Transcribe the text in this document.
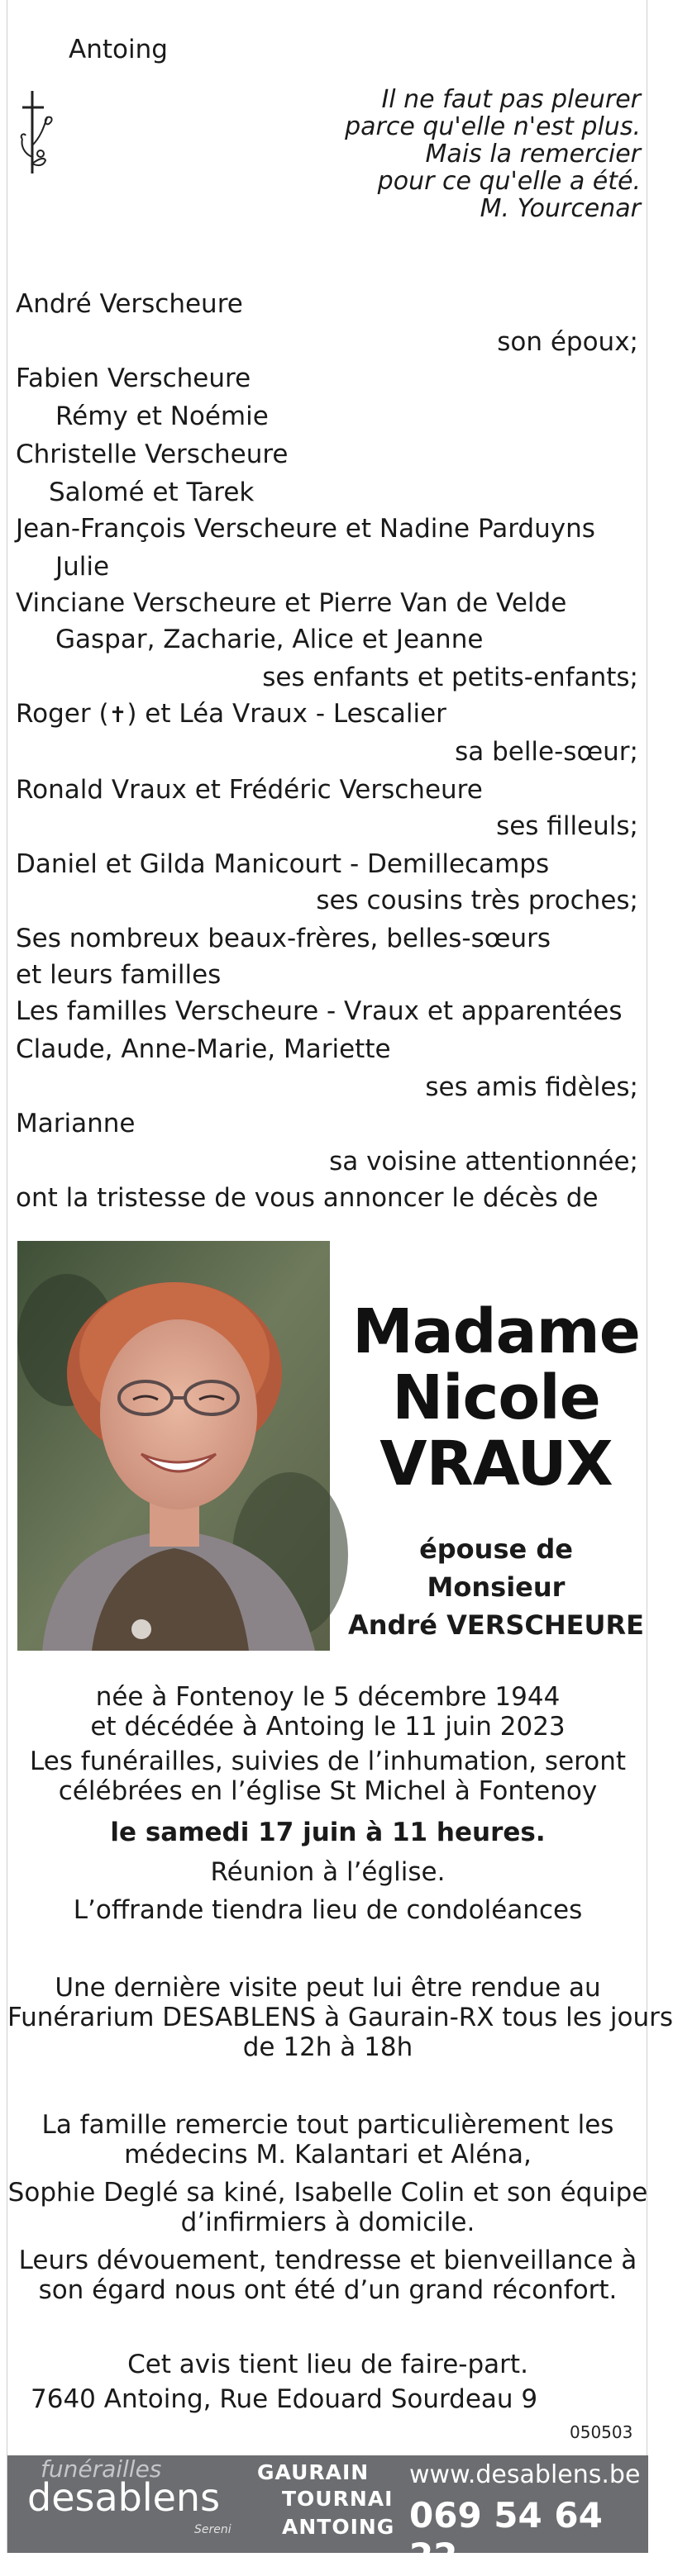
Antoing
Il ne faut pas pleurer
parce qu'elle n'est plus.
Mais la remercier
pour ce qu'elle a été.
M. Yourcenar
André Verscheure
son époux;
Fabien Verscheure
Rémy et Noémie
Christelle Verscheure
Salomé et Tarek
Jean-François Verscheure et Nadine Parduyns
Julie
Vinciane Verscheure et Pierre Van de Velde
Gaspar, Zacharie, Alice et Jeanne
ses enfants et petits-enfants;
Roger (✝) et Léa Vraux - Lescalier
sa belle-sœur;
Ronald Vraux et Frédéric Verscheure
ses filleuls;
Daniel et Gilda Manicourt - Demillecamps
ses cousins très proches;
Ses nombreux beaux-frères, belles-sœurs
et leurs familles
Les familles Verscheure - Vraux et apparentées
Claude, Anne-Marie, Mariette
ses amis fidèles;
Marianne
sa voisine attentionnée;
ont la tristesse de vous annoncer le décès de
Madame
Nicole
VRAUX
épouse de
Monsieur
André VERSCHEURE
née à Fontenoy le 5 décembre 1944
et décédée à Antoing le 11 juin 2023
Les funérailles, suivies de l’inhumation, seront
célébrées en l’église St Michel à Fontenoy
le samedi 17 juin à 11 heures.
Réunion à l’église.
L’offrande tiendra lieu de condoléances
Une dernière visite peut lui être rendue au
Funérarium DESABLENS à Gaurain-RX tous les jours
de 12h à 18h
La famille remercie tout particulièrement les
médecins M. Kalantari et Aléna,
Sophie Deglé sa kiné, Isabelle Colin et son équipe
d’infirmiers à domicile.
Leurs dévouement, tendresse et bienveillance à
son égard nous ont été d’un grand réconfort.
Cet avis tient lieu de faire-part.
7640 Antoing, Rue Edouard Sourdeau 9
050503
funérailles
desablens
Sereni
GAURAIN
TOURNAI
ANTOING
www.desablens.be
069 54 64 22
